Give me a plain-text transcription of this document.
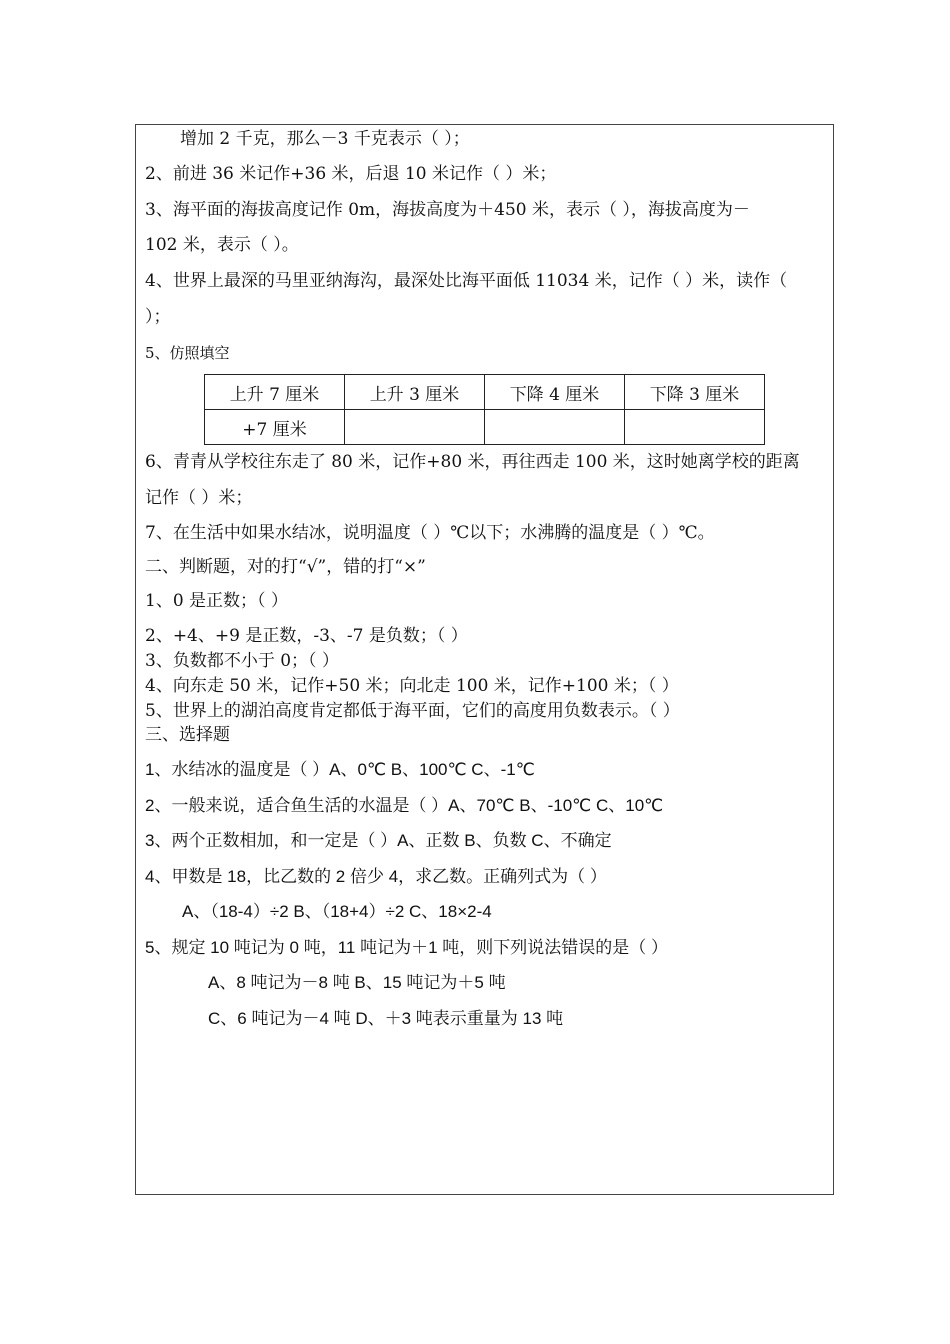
增加 2 千克，那么－3 千克表示（ ）；
2、前进 36 米记作+36 米，后退 10 米记作（ ）米；
3、海平面的海拔高度记作 0m，海拔高度为＋450 米，表示（ ），海拔高度为－
102 米，表示（ ）。
4、世界上最深的马里亚纳海沟，最深处比海平面低 11034 米，记作（ ）米，读作（
）；
5、仿照填空
上升 7 厘米	上升 3 厘米	下降 4 厘米	下降 3 厘米
+7 厘米			
6、青青从学校往东走了 80 米，记作+80 米，再往西走 100 米，这时她离学校的距离
记作（ ）米；
7、在生活中如果水结冰，说明温度（ ）℃以下；水沸腾的温度是（ ）℃。
二、判断题，对的打“√”，错的打“×”
1、0 是正数；（ ）
2、+4、+9 是正数，-3、-7 是负数；（ ）
3、负数都不小于 0；（ ）
4、向东走 50 米，记作+50 米；向北走 100 米，记作+100 米；（ ）
5、世界上的湖泊高度肯定都低于海平面，它们的高度用负数表示。（ ）
三、选择题
1、水结冰的温度是（ ）A、0℃ B、100℃ C、-1℃
2、一般来说，适合鱼生活的水温是（ ）A、70℃ B、-10℃ C、10℃
3、两个正数相加，和一定是（ ）A、正数 B、负数 C、不确定
4、甲数是 18，比乙数的 2 倍少 4，求乙数。正确列式为（ ）
A、（18-4）÷2 B、（18+4）÷2 C、18×2-4
5、规定 10 吨记为 0 吨，11 吨记为＋1 吨，则下列说法错误的是（ ）
A、8 吨记为－8 吨 B、15 吨记为＋5 吨
C、6 吨记为－4 吨 D、＋3 吨表示重量为 13 吨
